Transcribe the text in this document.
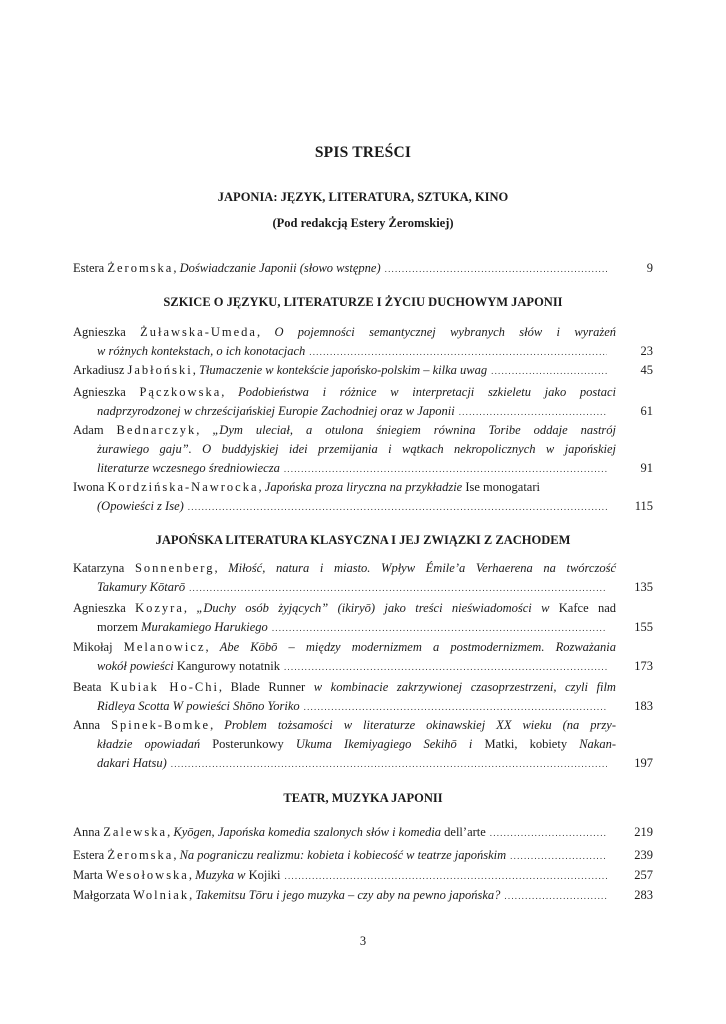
SPIS TREŚCI
JAPONIA: JĘZYK, LITERATURA, SZTUKA, KINO
(Pod redakcją Estery Żeromskiej)
Estera Żeromska, Doświadczanie Japonii (słowo wstępne) .....	9
SZKICE O JĘZYKU, LITERATURZE I ŻYCIU DUCHOWYM JAPONII
Agnieszka Żuławska-Umeda, O pojemności semantycznej wybranych słów i wyrażeń
w różnych kontekstach, o ich konotacjach .....	23
Arkadiusz Jabłoński, Tłumaczenie w kontekście japońsko-polskim – kilka uwag .....	45
Agnieszka Pączkowska, Podobieństwa i różnice w interpretacji szkieletu jako postaci
nadprzyrodzonej w chrześcijańskiej Europie Zachodniej oraz w Japonii .....	61
Adam Bednarczyk, „Dym uleciał, a otulona śniegiem równina Toribe oddaje nastrój
żurawiego gaju”. O buddyjskiej idei przemijania i wątkach nekropolicznych w japońskiej
literaturze wczesnego średniowiecza .....	91
Iwona
Kordzińska-Nawrocka , Japońska proza liryczna na przykładzie
Ise monogatari
(Opowieści z Ise) .....	115
JAPOŃSKA LITERATURA KLASYCZNA I JEJ ZWIĄZKI Z ZACHODEM
Katarzyna Sonnenberg, Miłość, natura i miasto. Wpływ Émile’a Verhaerena na twórczość
Takamury Kōtarō .....	135
Agnieszka Kozyra, „Duchy osób żyjących” (ikiryō) jako treści nieświadomości w Kafce nad
morzem Murakamiego Harukiego .....	155
Mikołaj Melanowicz, Abe Kōbō – między modernizmem a postmodernizmem. Rozważania
wokół powieści Kangurowy notatnik .....	173
Beata Kubiak Ho-Chi, Blade Runner w kombinacie zakrzywionej czasoprzestrzeni, czyli film
Ridleya Scotta W powieści Shōno Yoriko .....	183
Anna Spinek-Bomke, Problem tożsamości w literaturze okinawskiej XX wieku (na przy-
kładzie opowiadań Posterunkowy Ukuma Ikemiyagiego Sekihō i Matki, kobiety Nakan-
dakari Hatsu) .....	197
TEATR, MUZYKA JAPONII
Anna Zalewska, Kyōgen, Japońska komedia szalonych słów i komedia dell’arte .....	219
Estera Żeromska, Na pograniczu realizmu: kobieta i kobiecość w teatrze japońskim .....	239
Marta Wesołowska, Muzyka w Kojiki .....	257
Małgorzata Wolniak, Takemitsu Tōru i jego muzyka – czy aby na pewno japońska? .....	283
3
